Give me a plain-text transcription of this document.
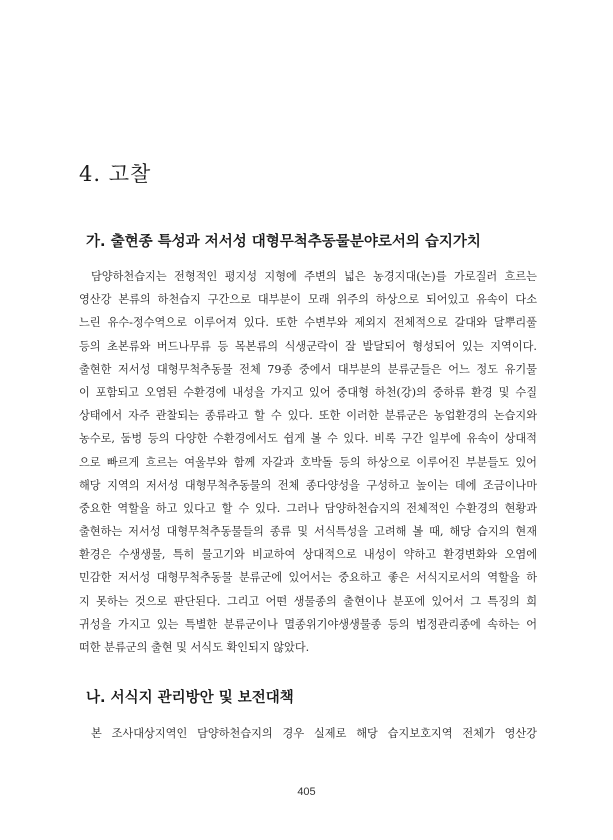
4. 고찰
가. 출현종 특성과 저서성 대형무척추동물분야로서의 습지가치
담양하천습지는 전형적인 평지성 지형에 주변의 넓은 농경지대(논)를 가로질러 흐르는
영산강 본류의 하천습지 구간으로 대부분이 모래 위주의 하상으로 되어있고 유속이 다소
느린 유수-정수역으로 이루어져 있다. 또한 수변부와 제외지 전체적으로 갈대와 달뿌리풀
등의 초본류와 버드나무류 등 목본류의 식생군락이 잘 발달되어 형성되어 있는 지역이다.
출현한 저서성 대형무척추동물 전체 79종 중에서 대부분의 분류군들은 어느 정도 유기물
이 포함되고 오염된 수환경에 내성을 가지고 있어 중대형 하천(강)의 중하류 환경 및 수질
상태에서 자주 관찰되는 종류라고 할 수 있다. 또한 이러한 분류군은 농업환경의 논습지와
농수로, 둠벙 등의 다양한 수환경에서도 쉽게 볼 수 있다. 비록 구간 일부에 유속이 상대적
으로 빠르게 흐르는 여울부와 함께 자갈과 호박돌 등의 하상으로 이루어진 부분들도 있어
해당 지역의 저서성 대형무척추동물의 전체 종다양성을 구성하고 높이는 데에 조금이나마
중요한 역할을 하고 있다고 할 수 있다. 그러나 담양하천습지의 전체적인 수환경의 현황과
출현하는 저서성 대형무척추동물들의 종류 및 서식특성을 고려해 볼 때, 해당 습지의 현재
환경은 수생생물, 특히 물고기와 비교하여 상대적으로 내성이 약하고 환경변화와 오염에
민감한 저서성 대형무척추동물 분류군에 있어서는 중요하고 좋은 서식지로서의 역할을 하
지 못하는 것으로 판단된다. 그리고 어떤 생물종의 출현이나 분포에 있어서 그 특징의 희
귀성을 가지고 있는 특별한 분류군이나 멸종위기야생생물종 등의 법정관리종에 속하는 어
떠한 분류군의 출현 및 서식도 확인되지 않았다.
나. 서식지 관리방안 및 보전대책
본 조사대상지역인 담양하천습지의 경우 실제로 해당 습지보호지역 전체가 영산강

405
